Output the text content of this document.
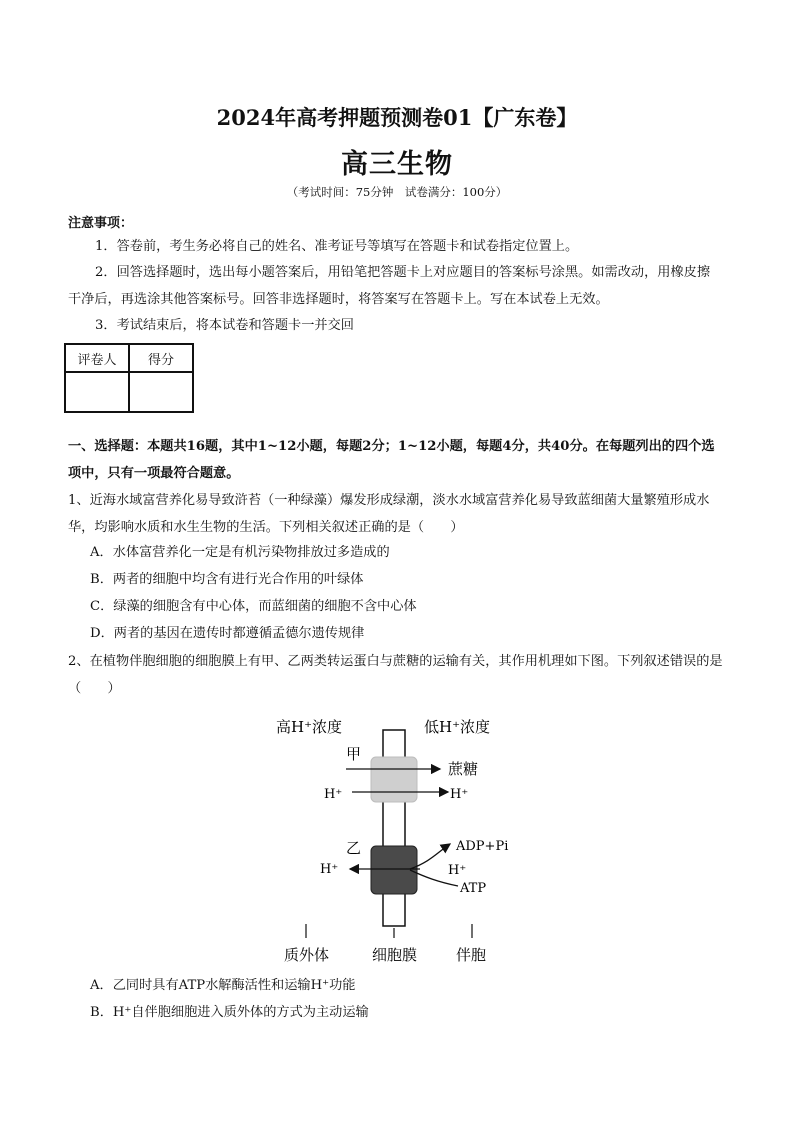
2024年高考押题预测卷01【广东卷】
高三生物
（考试时间：75分钟　试卷满分：100分）
注意事项：
1．答卷前，考生务必将自己的姓名、准考证号等填写在答题卡和试卷指定位置上。
2．回答选择题时，选出每小题答案后，用铅笔把答题卡上对应题目的答案标号涂黑。如需改动，用橡皮擦干净后，再选涂其他答案标号。回答非选择题时，将答案写在答题卡上。写在本试卷上无效。
3．考试结束后，将本试卷和答题卡一并交回
评卷人	得分

一、选择题：本题共16题，其中1~12小题，每题2分；1~12小题，每题4分，共40分。在每题列出的四个选项中，只有一项最符合题意。
1、近海水域富营养化易导致浒苔（一种绿藻）爆发形成绿潮，淡水水域富营养化易导致蓝细菌大量繁殖形成水华，均影响水质和水生生物的生活。下列相关叙述正确的是（　　）
A．水体富营养化一定是有机污染物排放过多造成的
B．两者的细胞中均含有进行光合作用的叶绿体
C．绿藻的细胞含有中心体，而蓝细菌的细胞不含中心体
D．两者的基因在遗传时都遵循孟德尔遗传规律
2、在植物伴胞细胞的细胞膜上有甲、乙两类转运蛋白与蔗糖的运输有关，其作用机理如下图。下列叙述错误的是（　　）
高H⁺浓度	低H⁺浓度
甲
蔗糖
H⁺	H⁺
乙	ADP+Pi
H⁺
ATP
H⁺
质外体	细胞膜	伴胞
A．乙同时具有ATP水解酶活性和运输H⁺功能
B．H⁺自伴胞细胞进入质外体的方式为主动运输
